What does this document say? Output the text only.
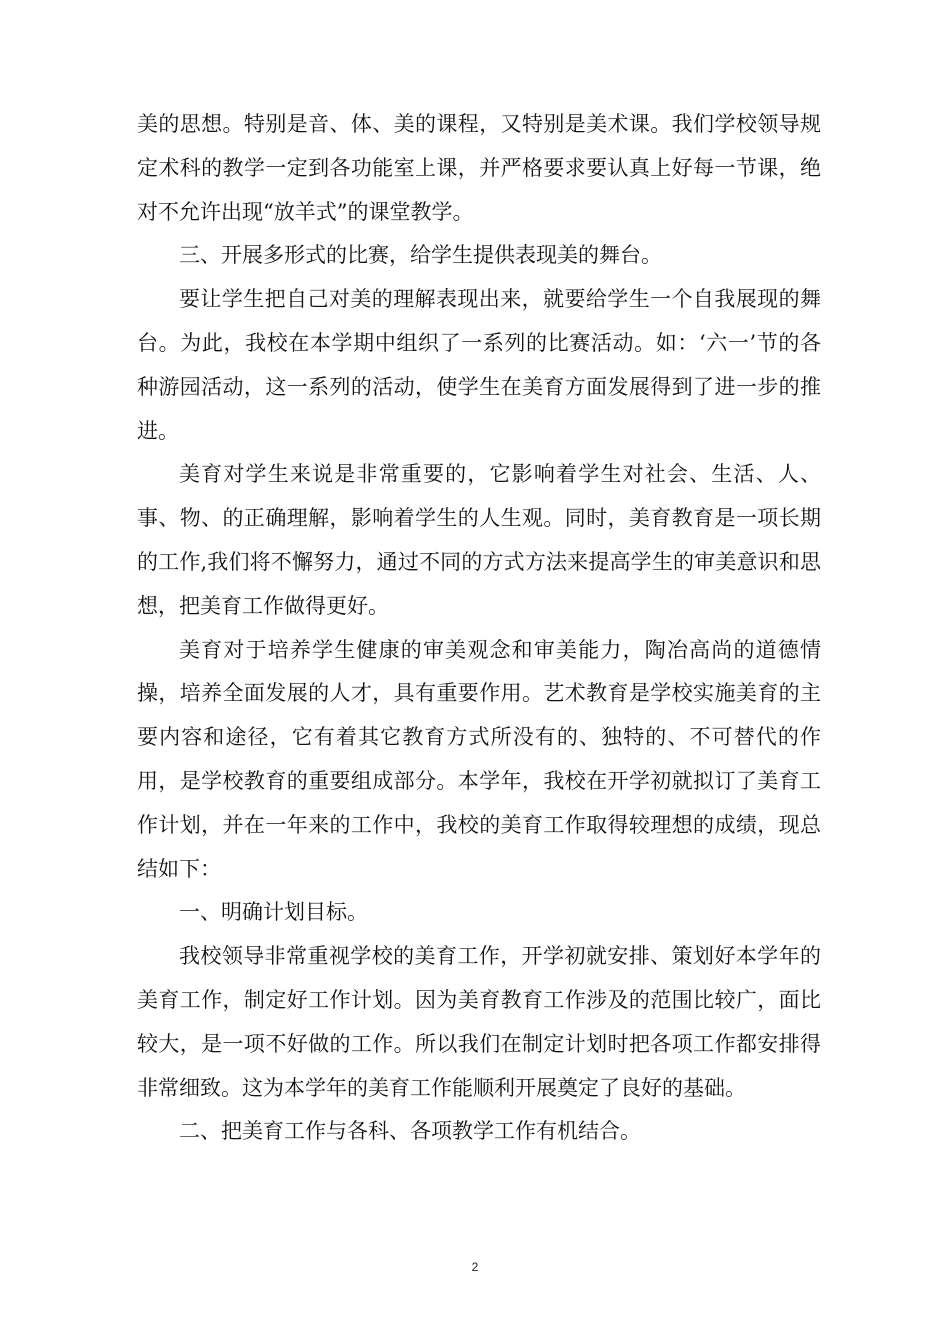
美的思想。特别是音、体、美的课程，又特别是美术课。我们学校领导规定术科的教学一定到各功能室上课，并严格要求要认真上好每一节课，绝对不允许出现“放羊式”的课堂教学。

三、开展多形式的比赛，给学生提供表现美的舞台。

要让学生把自己对美的理解表现出来，就要给学生一个自我展现的舞台。为此，我校在本学期中组织了一系列的比赛活动。如：‘六一’节的各种游园活动，这一系列的活动，使学生在美育方面发展得到了进一步的推进。

美育对学生来说是非常重要的，它影响着学生对社会、生活、人、事、物、的正确理解，影响着学生的人生观。同时，美育教育是一项长期的工作,我们将不懈努力，通过不同的方式方法来提高学生的审美意识和思想，把美育工作做得更好。

美育对于培养学生健康的审美观念和审美能力，陶冶高尚的道德情操，培养全面发展的人才，具有重要作用。艺术教育是学校实施美育的主要内容和途径，它有着其它教育方式所没有的、独特的、不可替代的作用，是学校教育的重要组成部分。本学年，我校在开学初就拟订了美育工作计划，并在一年来的工作中，我校的美育工作取得较理想的成绩，现总结如下：

一、明确计划目标。

我校领导非常重视学校的美育工作，开学初就安排、策划好本学年的美育工作，制定好工作计划。因为美育教育工作涉及的范围比较广，面比较大，是一项不好做的工作。所以我们在制定计划时把各项工作都安排得非常细致。这为本学年的美育工作能顺利开展奠定了良好的基础。

二、把美育工作与各科、各项教学工作有机结合。

2
